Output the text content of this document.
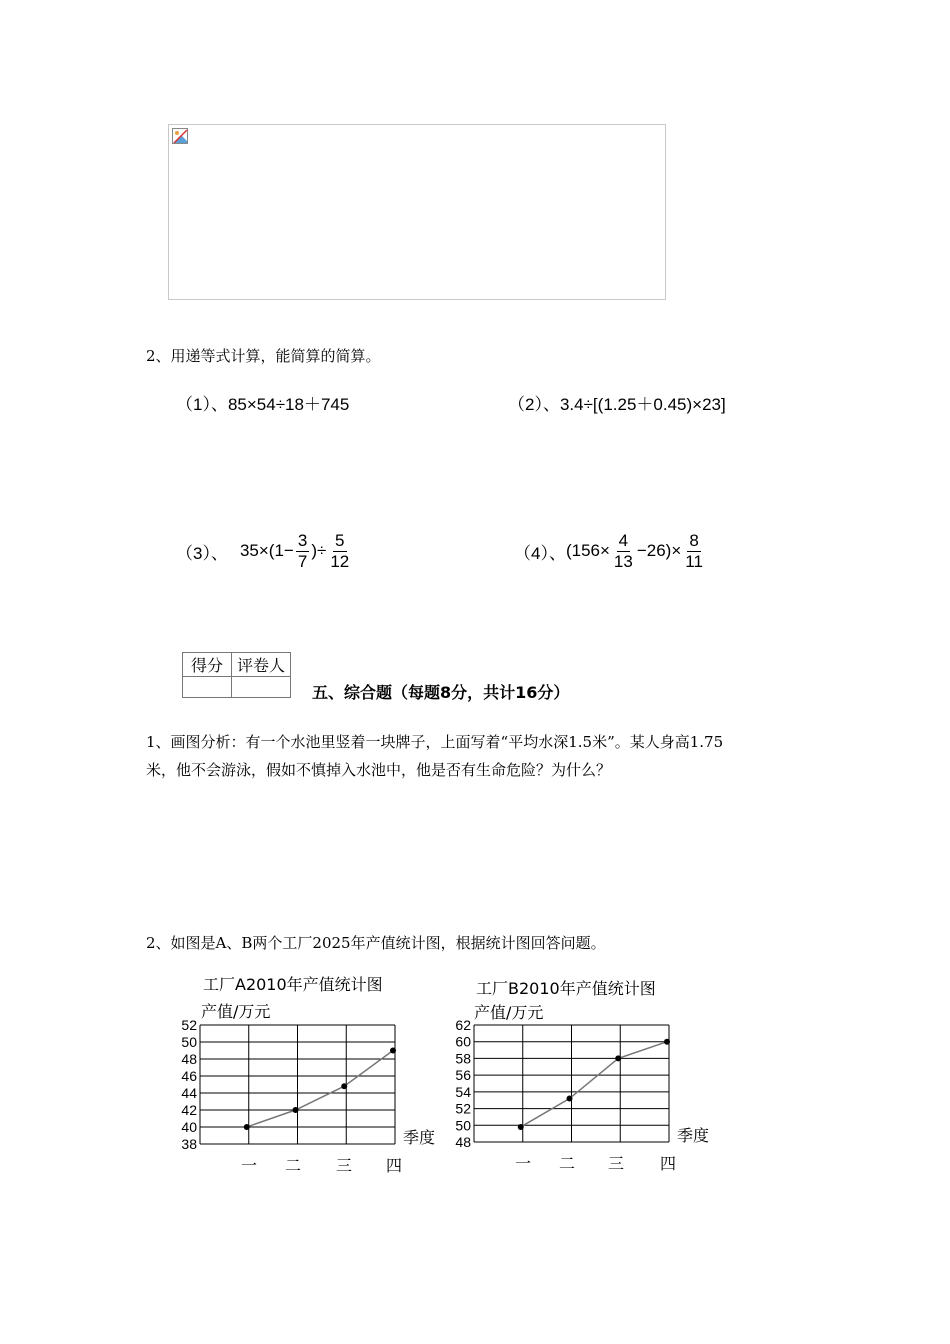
2、用递等式计算，能简算的简算。
（1）、 85×54÷18＋745	（2）、 3.4÷[(1.25＋0.45)×23]
（3）、 $35\times(1- \frac{3}{7}$ )÷ $\frac{5}{12}$	（4）、 $(156\times \frac{4}{13} -26)\times \frac{8}{11}$
得分	评卷人

五、综合题（每题8分，共计16分）
1、画图分析：有一个水池里竖着一块牌子，上面写着“平均水深1.5米”。某人身高1.75
米，他不会游泳，假如不慎掉入水池中，他是否有生命危险？为什么？
2、如图是A、B两个工厂2025年产值统计图，根据统计图回答问题。
工厂A2010年产值统计图
产值/万元
52
50
48
46
44
42
40
38
一 二 三 四
季度
工厂B2010年产值统计图
产值/万元
62
60
58
56
54
52
50
48
一 二 三 四
季度
